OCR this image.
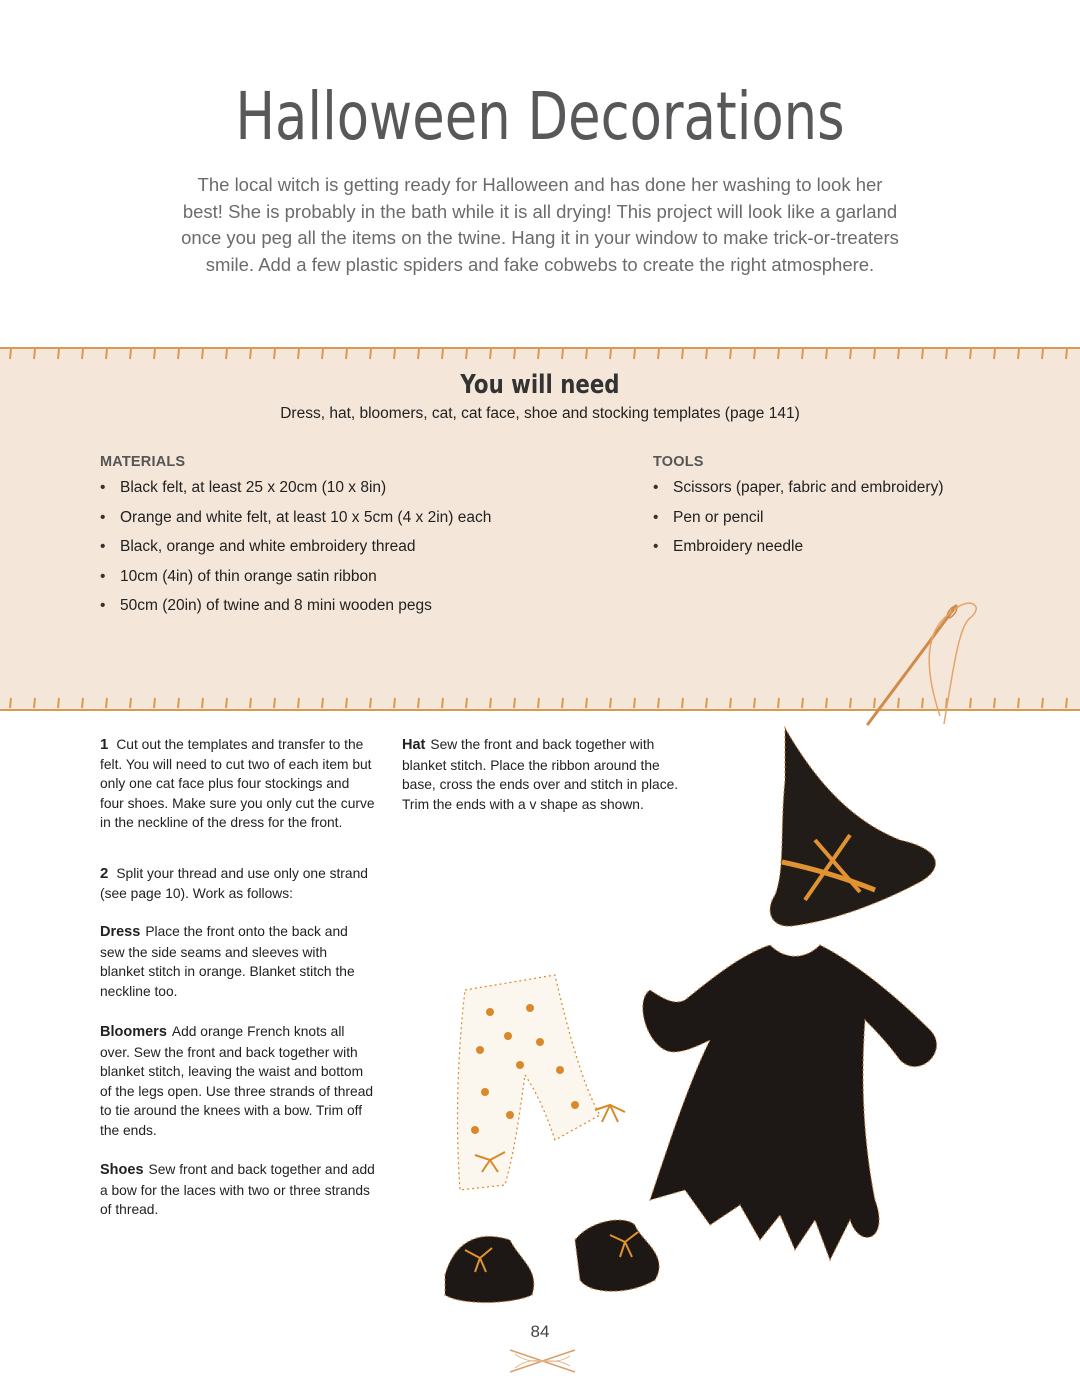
Halloween Decorations
The local witch is getting ready for Halloween and has done her washing to look her best! She is probably in the bath while it is all drying! This project will look like a garland once you peg all the items on the twine. Hang it in your window to make trick-or-treaters smile. Add a few plastic spiders and fake cobwebs to create the right atmosphere.
You will need
Dress, hat, bloomers, cat, cat face, shoe and stocking templates (page 141)
MATERIALS
• Black felt, at least 25 x 20cm (10 x 8in)
• Orange and white felt, at least 10 x 5cm (4 x 2in) each
• Black, orange and white embroidery thread
• 10cm (4in) of thin orange satin ribbon
• 50cm (20in) of twine and 8 mini wooden pegs
TOOLS
• Scissors (paper, fabric and embroidery)
• Pen or pencil
• Embroidery needle
1 Cut out the templates and transfer to the felt. You will need to cut two of each item but only one cat face plus four stockings and four shoes. Make sure you only cut the curve in the neckline of the dress for the front.
2 Split your thread and use only one strand (see page 10). Work as follows:
Dress Place the front onto the back and sew the side seams and sleeves with blanket stitch in orange. Blanket stitch the neckline too.
Bloomers Add orange French knots all over. Sew the front and back together with blanket stitch, leaving the waist and bottom of the legs open. Use three strands of thread to tie around the knees with a bow. Trim off the ends.
Shoes Sew front and back together and add a bow for the laces with two or three strands of thread.
Hat Sew the front and back together with blanket stitch. Place the ribbon around the base, cross the ends over and stitch in place. Trim the ends with a v shape as shown.
84
